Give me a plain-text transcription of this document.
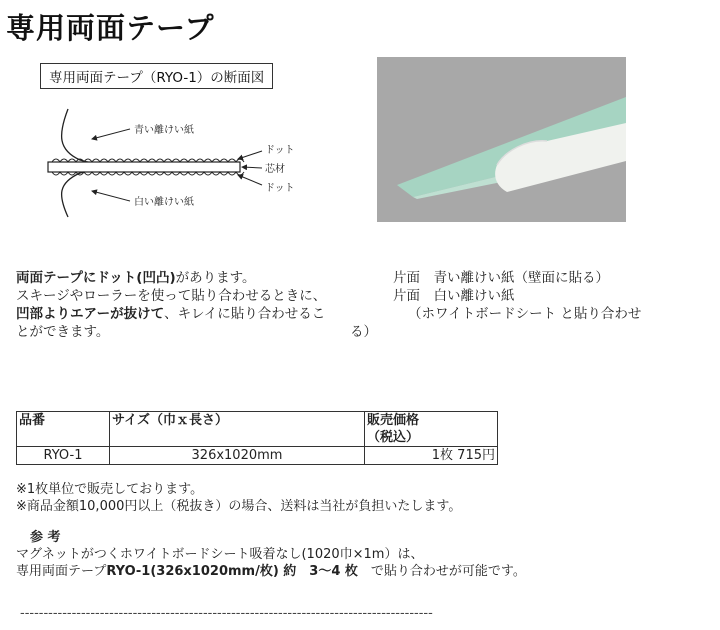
専用両面テープ
専用両面テープ（RYO-1）の断面図
青い離けい紙
白い離けい紙
ドット
芯材
ドット
両面テープにドット(凹凸)があります。
スキージやローラーを使って貼り合わせるときに、
凹部よりエアーが抜けて、キレイに貼り合わせるこ
とができます。
片面　青い離けい紙（壁面に貼る）
片面　白い離けい紙
（ホワイトボードシート と貼り合わせ
る）
品番	サイズ（巾ｘ長さ）	販売価格
（税込）

RYO-1	326x1020mm	1枚 715円
※1枚単位で販売しております。
※商品金額10,000円以上（税抜き）の場合、送料は当社が負担いたします。
参 考
マグネットがつくホワイトボードシート吸着なし(1020巾×1m）は、
専用両面テープRYO-1(326x1020mm/枚) 約　3～4 枚　で貼り合わせが可能です。
----------------------------------------------------------------------------------------
